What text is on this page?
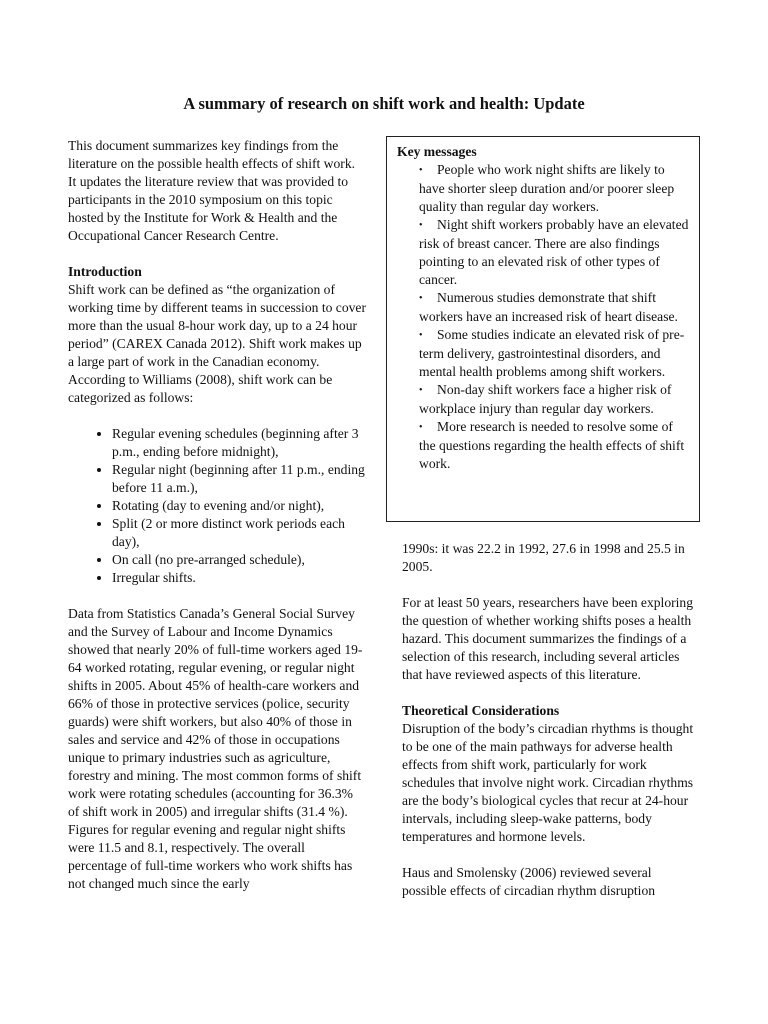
A summary of research on shift work and health: Update

This document summarizes key findings from the literature on the possible health effects of shift work. It updates the literature review that was provided to participants in the 2010 symposium on this topic hosted by the Institute for Work & Health and the Occupational Cancer Research Centre.

Introduction

Shift work can be defined as “the organization of working time by different teams in succession to cover more than the usual 8-hour work day, up to a 24 hour period” (CAREX Canada 2012). Shift work makes up a large part of work in the Canadian economy. According to Williams (2008), shift work can be categorized as follows:

• Regular evening schedules (beginning after 3 p.m., ending before midnight),
• Regular night (beginning after 11 p.m., ending before 11 a.m.),
• Rotating (day to evening and/or night),
• Split (2 or more distinct work periods each day),
• On call (no pre-arranged schedule),
• Irregular shifts.

Data from Statistics Canada’s General Social Survey and the Survey of Labour and Income Dynamics showed that nearly 20% of full-time workers aged 19-64 worked rotating, regular evening, or regular night shifts in 2005. About 45% of health-care workers and 66% of those in protective services (police, security guards) were shift workers, but also 40% of those in sales and service and 42% of those in occupations unique to primary industries such as agriculture, forestry and mining. The most common forms of shift work were rotating schedules (accounting for 36.3% of shift work in 2005) and irregular shifts (31.4 %). Figures for regular evening and regular night shifts were 11.5 and 8.1, respectively. The overall percentage of full-time workers who work shifts has not changed much since the early

Key messages
• People who work night shifts are likely to have shorter sleep duration and/or poorer sleep quality than regular day workers.
• Night shift workers probably have an elevated risk of breast cancer. There are also findings pointing to an elevated risk of other types of cancer.
• Numerous studies demonstrate that shift workers have an increased risk of heart disease.
• Some studies indicate an elevated risk of pre-term delivery, gastrointestinal disorders, and mental health problems among shift workers.
• Non-day shift workers face a higher risk of workplace injury than regular day workers.
• More research is needed to resolve some of the questions regarding the health effects of shift work.

1990s: it was 22.2 in 1992, 27.6 in 1998 and 25.5 in 2005.

For at least 50 years, researchers have been exploring the question of whether working shifts poses a health hazard. This document summarizes the findings of a selection of this research, including several articles that have reviewed aspects of this literature.

Theoretical Considerations

Disruption of the body’s circadian rhythms is thought to be one of the main pathways for adverse health effects from shift work, particularly for work schedules that involve night work. Circadian rhythms are the body’s biological cycles that recur at 24-hour intervals, including sleep-wake patterns, body temperatures and hormone levels.

Haus and Smolensky (2006) reviewed several possible effects of circadian rhythm disruption
